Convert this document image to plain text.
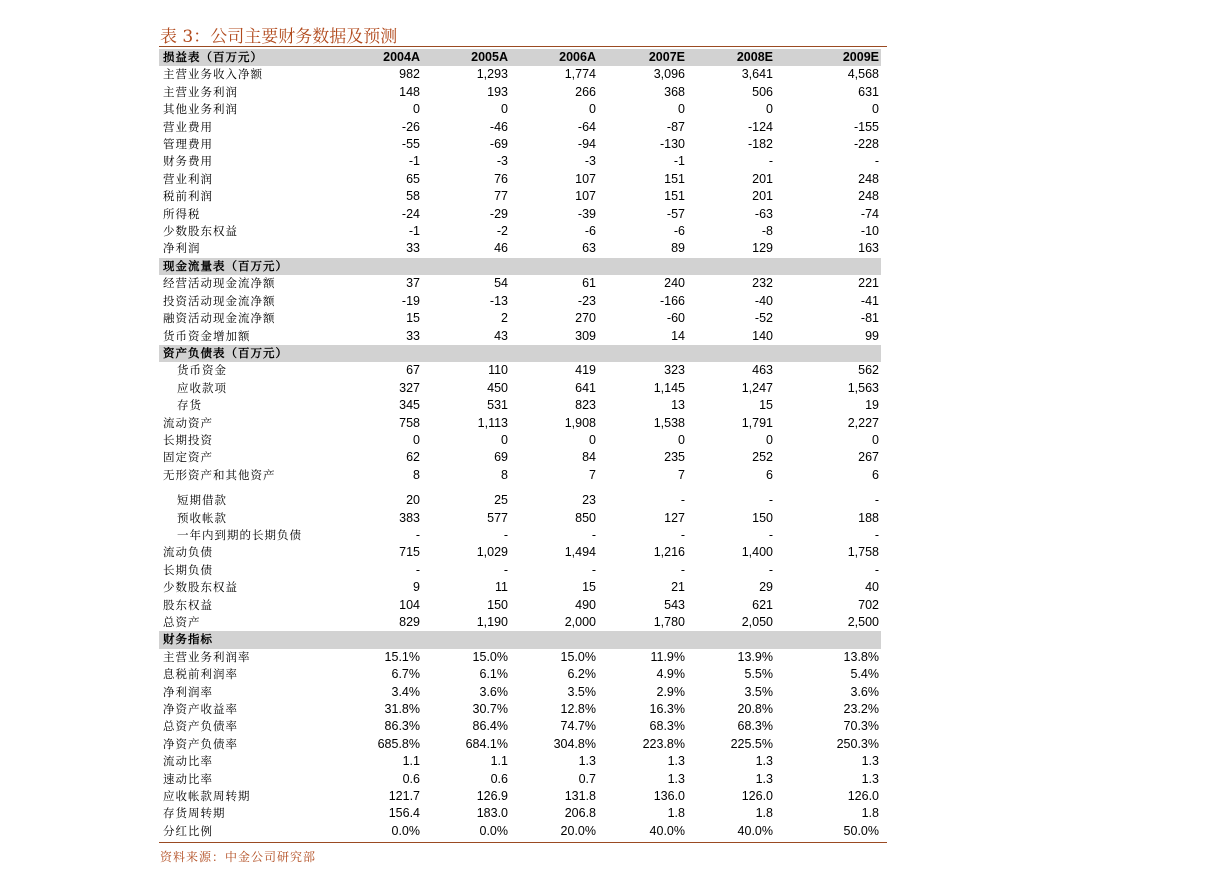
表 3：公司主要财务数据及预测
损益表（百万元）	2004A	2005A	2006A	2007E	2008E	2009E
主营业务收入净额	982	1,293	1,774	3,096	3,641	4,568
主营业务利润	148	193	266	368	506	631
其他业务利润	0	0	0	0	0	0
营业费用	-26	-46	-64	-87	-124	-155
管理费用	-55	-69	-94	-130	-182	-228
财务费用	-1	-3	-3	-1	-	-
营业利润	65	76	107	151	201	248
税前利润	58	77	107	151	201	248
所得税	-24	-29	-39	-57	-63	-74
少数股东权益	-1	-2	-6	-6	-8	-10
净利润	33	46	63	89	129	163
现金流量表（百万元）						
经营活动现金流净额	37	54	61	240	232	221
投资活动现金流净额	-19	-13	-23	-166	-40	-41
融资活动现金流净额	15	2	270	-60	-52	-81
货币资金增加额	33	43	309	14	140	99
资产负债表（百万元）						
货币资金	67	110	419	323	463	562
应收款项	327	450	641	1,145	1,247	1,563
存货	345	531	823	13	15	19
流动资产	758	1,113	1,908	1,538	1,791	2,227
长期投资	0	0	0	0	0	0
固定资产	62	69	84	235	252	267
无形资产和其他资产	8	8	7	7	6	6

短期借款	20	25	23	-	-	-
预收帐款	383	577	850	127	150	188
一年内到期的长期负债	-	-	-	-	-	-
流动负债	715	1,029	1,494	1,216	1,400	1,758
长期负债	-	-	-	-	-	-
少数股东权益	9	11	15	21	29	40
股东权益	104	150	490	543	621	702
总资产	829	1,190	2,000	1,780	2,050	2,500
财务指标						
主营业务利润率	15.1%	15.0%	15.0%	11.9%	13.9%	13.8%
息税前利润率	6.7%	6.1%	6.2%	4.9%	5.5%	5.4%
净利润率	3.4%	3.6%	3.5%	2.9%	3.5%	3.6%
净资产收益率	31.8%	30.7%	12.8%	16.3%	20.8%	23.2%
总资产负债率	86.3%	86.4%	74.7%	68.3%	68.3%	70.3%
净资产负债率	685.8%	684.1%	304.8%	223.8%	225.5%	250.3%
流动比率	1.1	1.1	1.3	1.3	1.3	1.3
速动比率	0.6	0.6	0.7	1.3	1.3	1.3
应收帐款周转期	121.7	126.9	131.8	136.0	126.0	126.0
存货周转期	156.4	183.0	206.8	1.8	1.8	1.8
分红比例	0.0%	0.0%	20.0%	40.0%	40.0%	50.0%
资料来源：中金公司研究部
